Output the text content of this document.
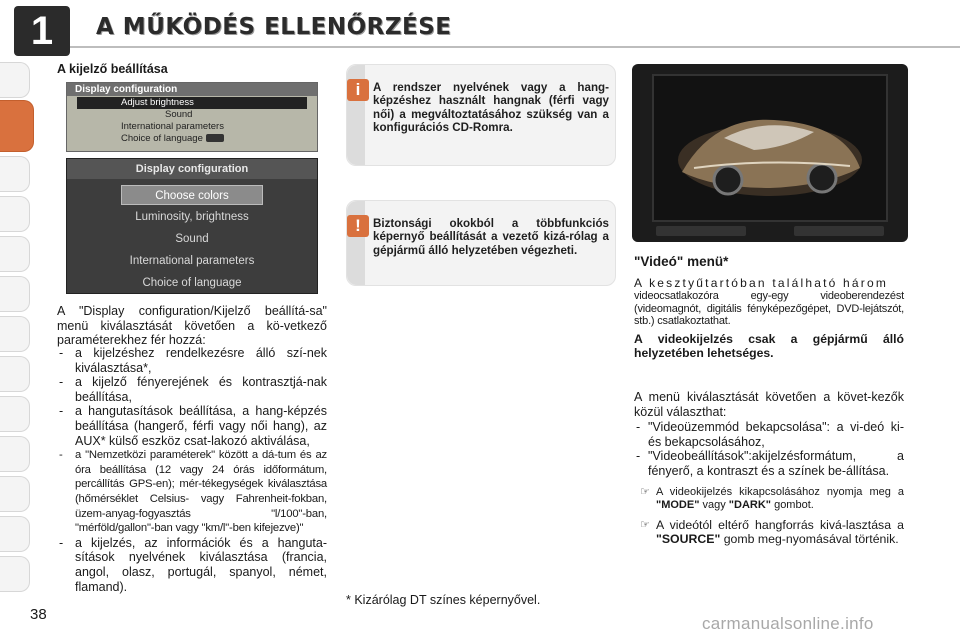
1	A MŰKÖDÉS ELLENŐRZÉSE
A kijelző beállítása
Display configuration
Adjust brightness
Sound
International parameters
Choice of language
Display configuration
Choose colors
Luminosity, brightness
Sound
International parameters
Choice of language
A "Display configuration/Kijelző beállítá-sa" menü kiválasztását követően a kö-vetkező paraméterekhez fér hozzá:
- a kijelzéshez rendelkezésre álló szí-nek kiválasztása*,
- a kijelző fényerejének és kontrasztjá-nak beállítása,
- a hangutasítások beállítása, a hang-képzés beállítása (hangerő, férfi vagy női hang), az AUX* külső eszköz csat-lakozó aktiválása,
- a "Nemzetközi paraméterek" között a dá-tum és az óra beállítása (12 vagy 24 órás időformátum, percállítás GPS-en); mér-tékegységek kiválasztása (hőmérséklet Celsius- vagy Fahrenheit-fokban, üzem-anyag-fogyasztás "l/100"-ban, "mérföld/gallon"-ban vagy "km/l"-ben kifejezve)"
- a kijelzés, az információk és a hanguta-sítások nyelvének kiválasztása (francia, angol, olasz, portugál, spanyol, német, flamand).
i	A rendszer nyelvének vagy a hang-képzéshez használt hangnak (férfi vagy női) a megváltoztatásához szükség van a konfigurációs CD-Romra.
!	Biztonsági okokból a többfunkciós képernyő beállítását a vezető kizá-rólag a gépjármű álló helyzetében végezheti.
* Kizárólag DT színes képernyővel.
"Videó" menü*
A kesztyűtartóban található három
videocsatlakozóra egy-egy videoberendezést (videomagnót, digitális fényképezőgépet, DVD-lejátszót, stb.) csatlakoztathat.
A videokijelzés csak a gépjármű álló helyzetében lehetséges.
A menü kiválasztását követően a követ-kezők közül választhat:
- "Videoüzemmód bekapcsolása": a vi-deó ki- és bekapcsolásához,
- "Videobeállítások":akijelzésformátum, a fényerő, a kontraszt és a színek be-állítása.
☞ A videokijelzés kikapcsolásához nyomja meg a "MODE" vagy "DARK" gombot.
☞ A videótól eltérő hangforrás kivá-lasztása a "SOURCE" gomb meg-nyomásával történik.
38	carmanualsonline.info
